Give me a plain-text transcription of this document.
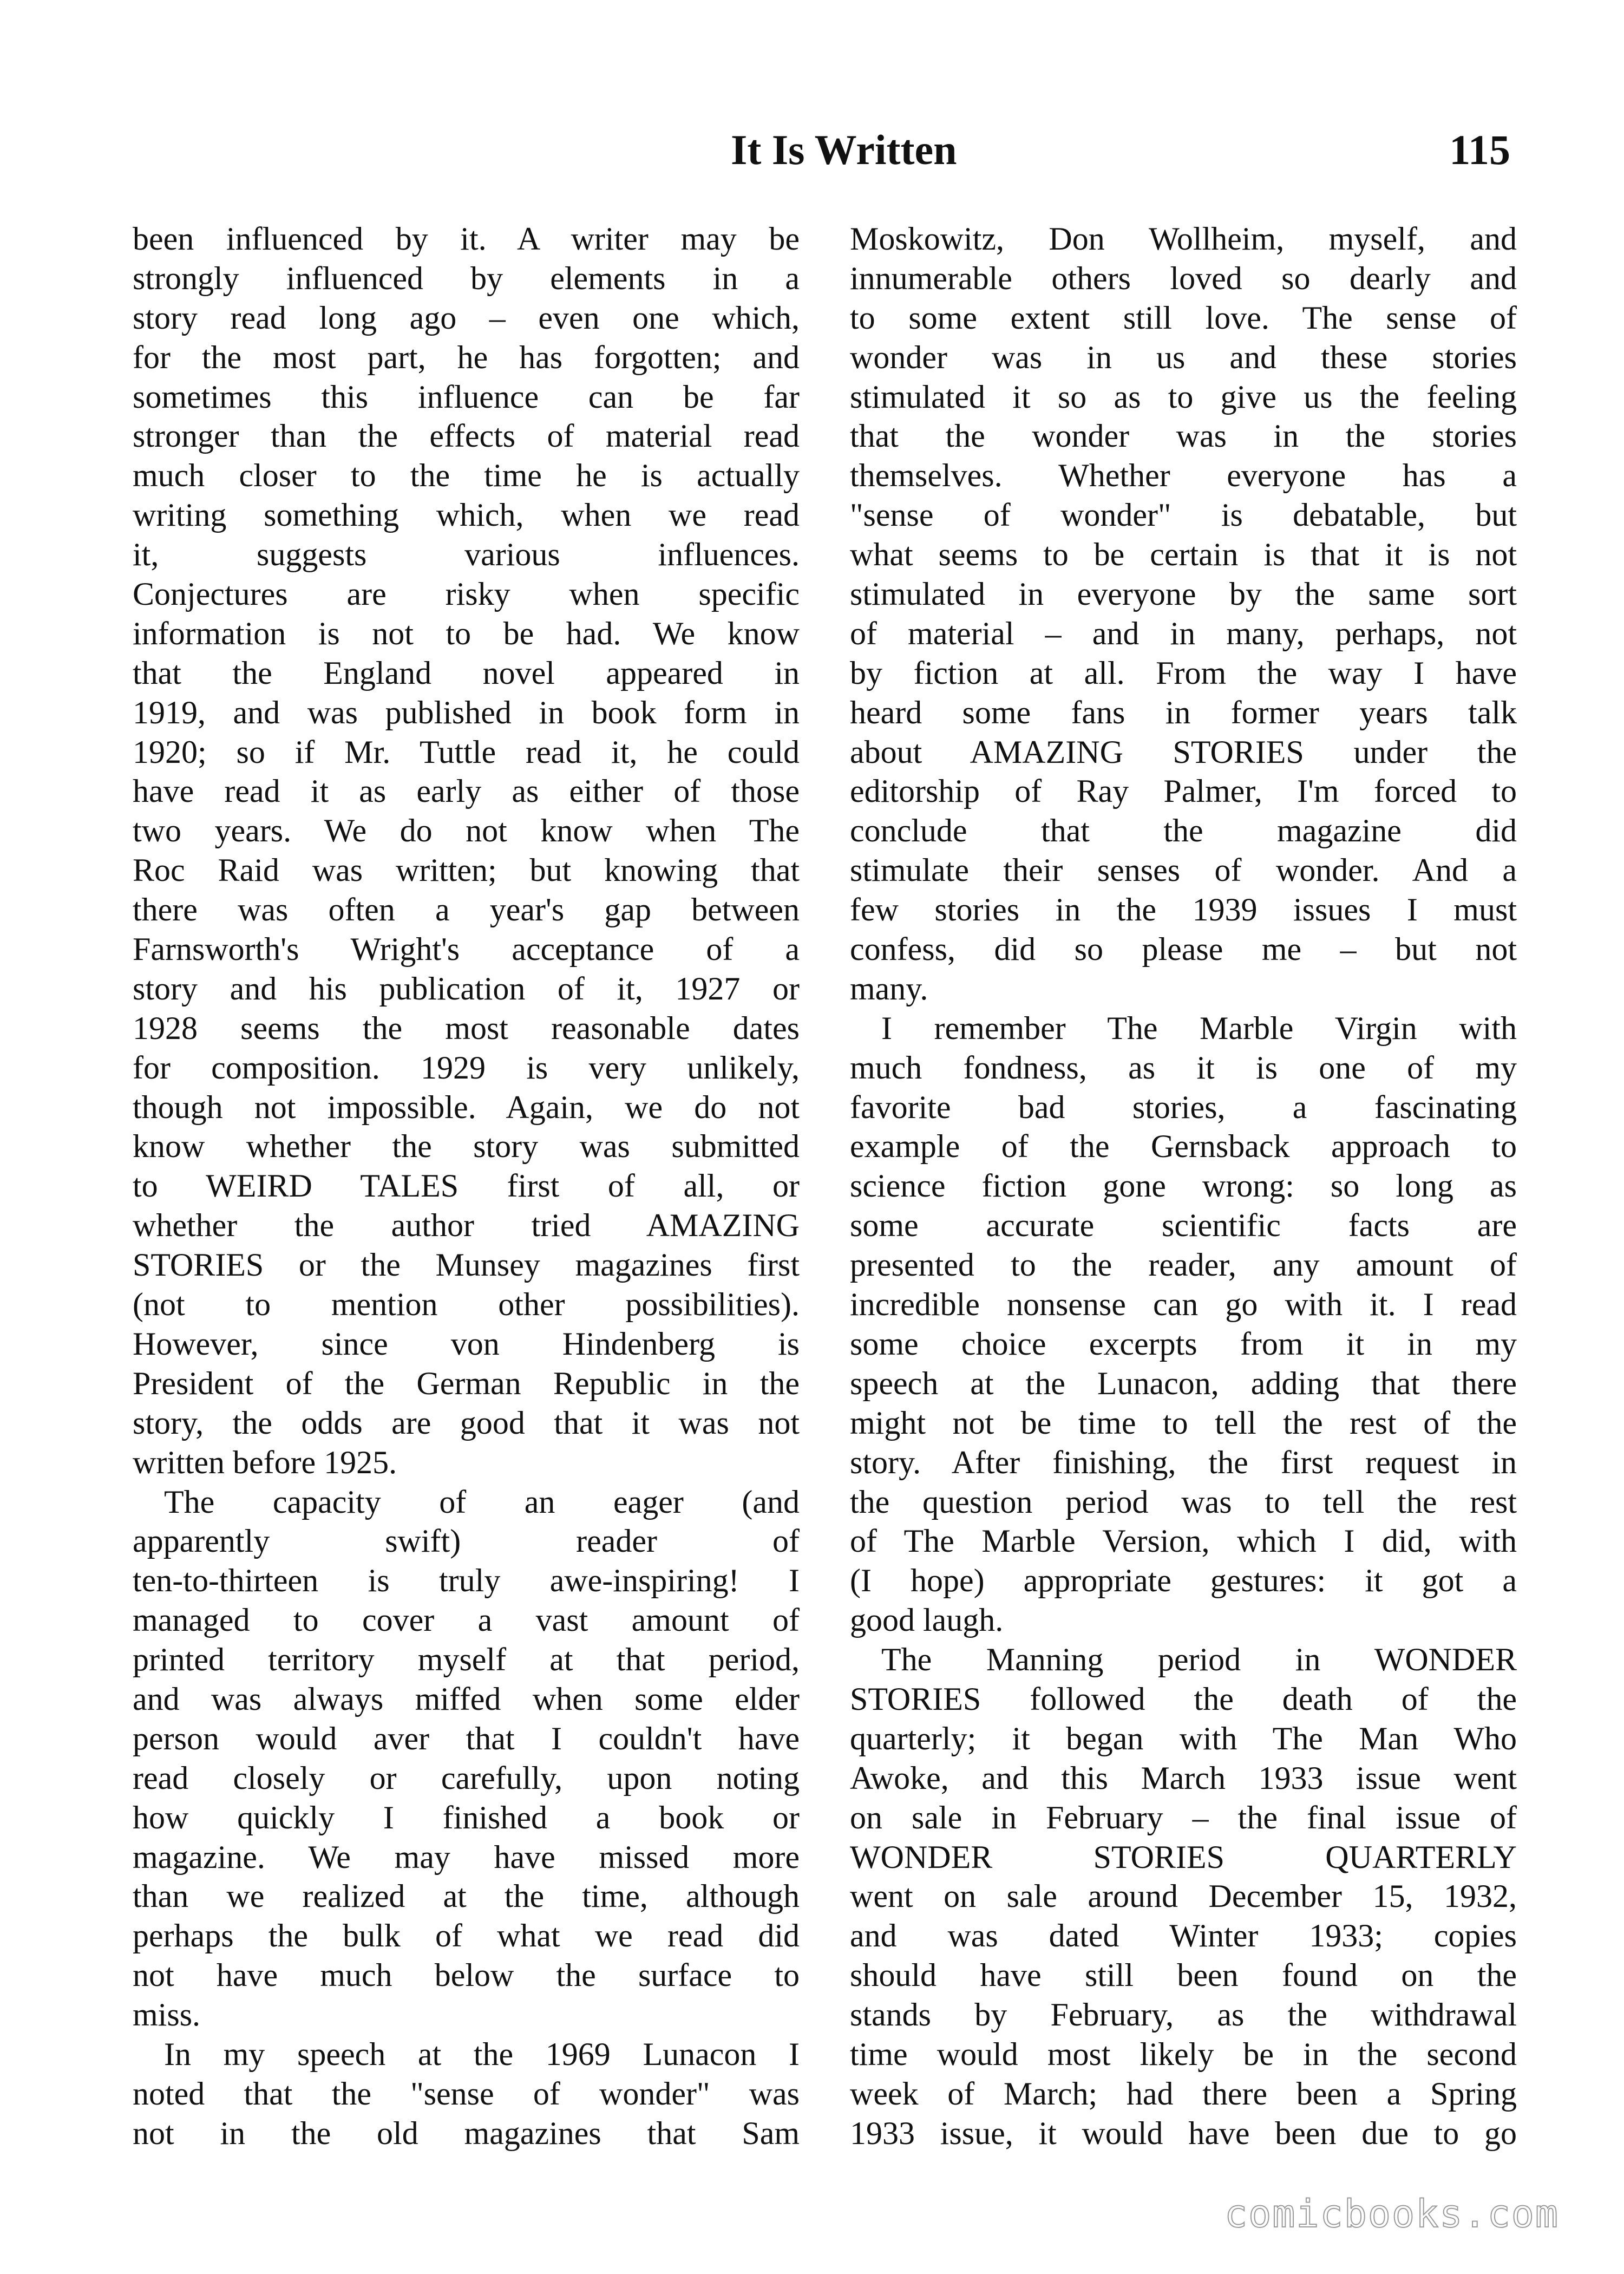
It Is Written	115
been influenced by it. A writer may be
strongly influenced by elements in a
story read long ago – even one which,
for the most part, he has forgotten; and
sometimes this influence can be far
stronger than the effects of material read
much closer to the time he is actually
writing something which, when we read
it, suggests various influences.
Conjectures are risky when specific
information is not to be had. We know
that the England novel appeared in
1919, and was published in book form in
1920; so if Mr. Tuttle read it, he could
have read it as early as either of those
two years. We do not know when The
Roc Raid was written; but knowing that
there was often a year's gap between
Farnsworth's Wright's acceptance of a
story and his publication of it, 1927 or
1928 seems the most reasonable dates
for composition. 1929 is very unlikely,
though not impossible. Again, we do not
know whether the story was submitted
to WEIRD TALES first of all, or
whether the author tried AMAZING
STORIES or the Munsey magazines first
(not to mention other possibilities).
However, since von Hindenberg is
President of the German Republic in the
story, the odds are good that it was not
written before 1925.
The capacity of an eager (and
apparently swift) reader of
ten-to-thirteen is truly awe-inspiring! I
managed to cover a vast amount of
printed territory myself at that period,
and was always miffed when some elder
person would aver that I couldn't have
read closely or carefully, upon noting
how quickly I finished a book or
magazine. We may have missed more
than we realized at the time, although
perhaps the bulk of what we read did
not have much below the surface to
miss.
In my speech at the 1969 Lunacon I
noted that the "sense of wonder" was
not in the old magazines that Sam
Moskowitz, Don Wollheim, myself, and
innumerable others loved so dearly and
to some extent still love. The sense of
wonder was in us and these stories
stimulated it so as to give us the feeling
that the wonder was in the stories
themselves. Whether everyone has a
"sense of wonder" is debatable, but
what seems to be certain is that it is not
stimulated in everyone by the same sort
of material – and in many, perhaps, not
by fiction at all. From the way I have
heard some fans in former years talk
about AMAZING STORIES under the
editorship of Ray Palmer, I'm forced to
conclude that the magazine did
stimulate their senses of wonder. And a
few stories in the 1939 issues I must
confess, did so please me – but not
many.
I remember The Marble Virgin with
much fondness, as it is one of my
favorite bad stories, a fascinating
example of the Gernsback approach to
science fiction gone wrong: so long as
some accurate scientific facts are
presented to the reader, any amount of
incredible nonsense can go with it. I read
some choice excerpts from it in my
speech at the Lunacon, adding that there
might not be time to tell the rest of the
story. After finishing, the first request in
the question period was to tell the rest
of The Marble Version, which I did, with
(I hope) appropriate gestures: it got a
good laugh.
The Manning period in WONDER
STORIES followed the death of the
quarterly; it began with The Man Who
Awoke, and this March 1933 issue went
on sale in February – the final issue of
WONDER STORIES QUARTERLY
went on sale around December 15, 1932,
and was dated Winter 1933; copies
should have still been found on the
stands by February, as the withdrawal
time would most likely be in the second
week of March; had there been a Spring
1933 issue, it would have been due to go
comicbooks.com
